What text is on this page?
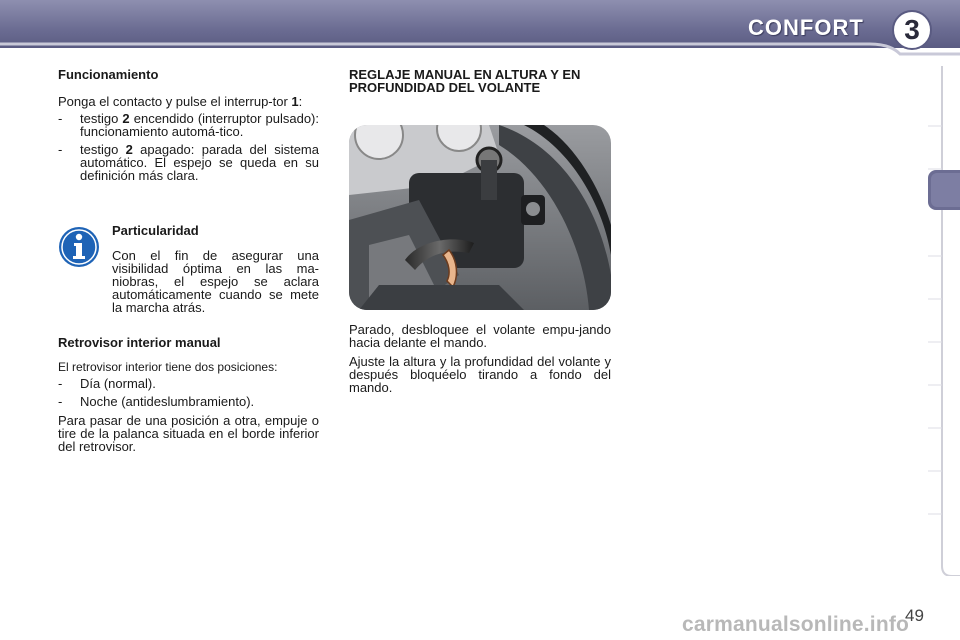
CONFORT	3
Funcionamiento

Ponga el contacto y pulse el interrup-tor 1:

-	testigo 2 encendido (interruptor pulsado): funcionamiento automá-tico.
-	testigo 2 apagado: parada del sistema automático. El espejo se queda en su definición más clara.
Particularidad

Con el fin de asegurar una visibilidad óptima en las ma-niobras, el espejo se aclara automáticamente cuando se mete la marcha atrás.

Retrovisor interior manual

El retrovisor interior tiene dos posiciones:

-	Día (normal).
-	Noche (antideslumbramiento).

Para pasar de una posición a otra, empuje o tire de la palanca situada en el borde inferior del retrovisor.

REGLAJE MANUAL EN ALTURA Y EN PROFUNDIDAD DEL VOLANTE

Parado, desbloquee el volante empu-jando hacia delante el mando.

Ajuste la altura y la profundidad del volante y después bloquéelo tirando a fondo del mando.

carmanualsonline.info
49
